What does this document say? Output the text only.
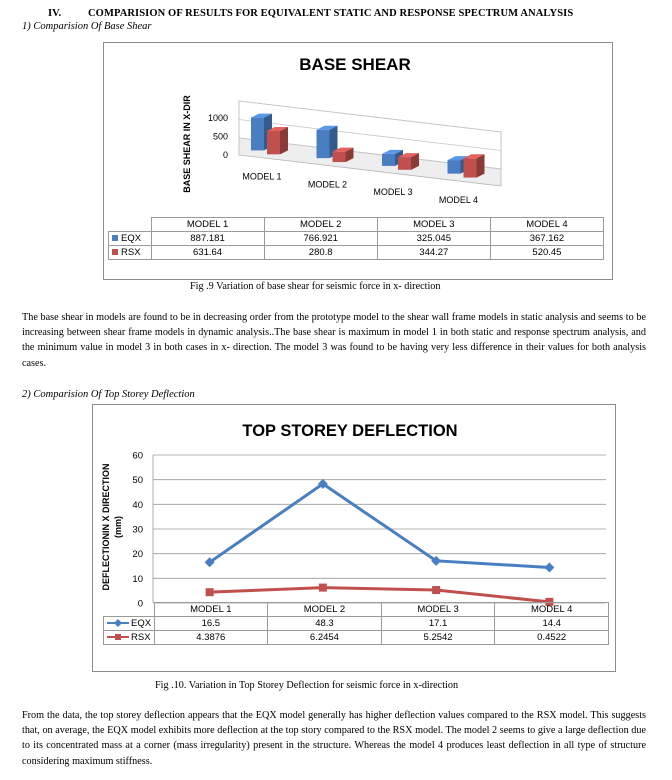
IV.	COMPARISION OF RESULTS FOR EQUIVALENT STATIC AND RESPONSE SPECTRUM ANALYSIS
1) Comparision Of Base Shear
BASE SHEAR
BASE SHEAR IN X-DIR	0
500
1000
MODEL 1
MODEL 2
MODEL 3
MODEL 4
	MODEL 1	MODEL 2	MODEL 3	MODEL 4
EQX	887.181	766.921	325.045	367.162
RSX	631.64	280.8	344.27	520.45
Fig .9 Variation of base shear for seismic force in x- direction
The base shear in models are found to be in decreasing order from the prototype model to the shear wall frame models in static analysis and seems to be increasing between shear frame models in dynamic analysis..The base shear is maximum in model 1 in both static and response spectrum analysis, and the minimum value in model 3 in both cases in x- direction. The model 3 was found to be having very less difference in their values for both analysis cases.
2) Comparision Of Top Storey Deflection
TOP STOREY DEFLECTION
DEFLECTIONIN X DIRECTION (mm)
60
50
40
30
20
10
0
		MODEL 1	MODEL 2	MODEL 3	MODEL 4
EQX	16.5	48.3	17.1	14.4
RSX	4.3876	6.2454	5.2542	0.4522
Fig .10. Variation in Top Storey Deflection for seismic force in x-direction
From the data, the top storey deflection appears that the EQX model generally has higher deflection values compared to the RSX model. This suggests that, on average, the EQX model exhibits more deflection at the top story compared to the RSX model. The model 2 seems to give a large deflection due to its concentrated mass at a corner (mass irregularity) present in the structure. Whereas the model 4 produces least deflection in all type of structure considering maximum stiffness.
